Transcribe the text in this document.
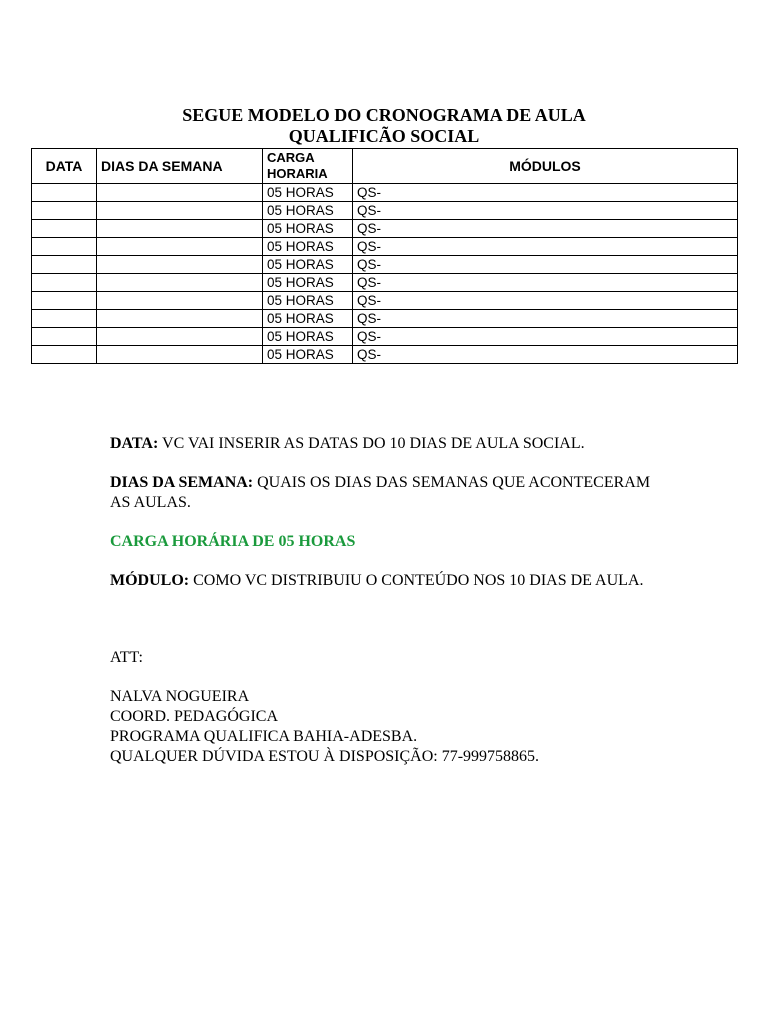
SEGUE MODELO DO CRONOGRAMA DE AULA
QUALIFICÃO SOCIAL
DATA	DIAS DA SEMANA	CARGA HORARIA	MÓDULOS
		05 HORAS	QS-
		05 HORAS	QS-
		05 HORAS	QS-
		05 HORAS	QS-
		05 HORAS	QS-
		05 HORAS	QS-
		05 HORAS	QS-
		05 HORAS	QS-
		05 HORAS	QS-
		05 HORAS	QS-

DATA: VC VAI INSERIR AS DATAS DO 10 DIAS DE AULA SOCIAL.

DIAS DA SEMANA: QUAIS OS DIAS DAS SEMANAS QUE ACONTECERAM AS AULAS.

CARGA HORÁRIA DE 05 HORAS

MÓDULO: COMO VC DISTRIBUIU O CONTEÚDO NOS 10 DIAS DE AULA.

ATT:

NALVA NOGUEIRA

COORD. PEDAGÓGICA

PROGRAMA QUALIFICA BAHIA-ADESBA.

QUALQUER DÚVIDA ESTOU À DISPOSIÇÃO: 77-999758865.
